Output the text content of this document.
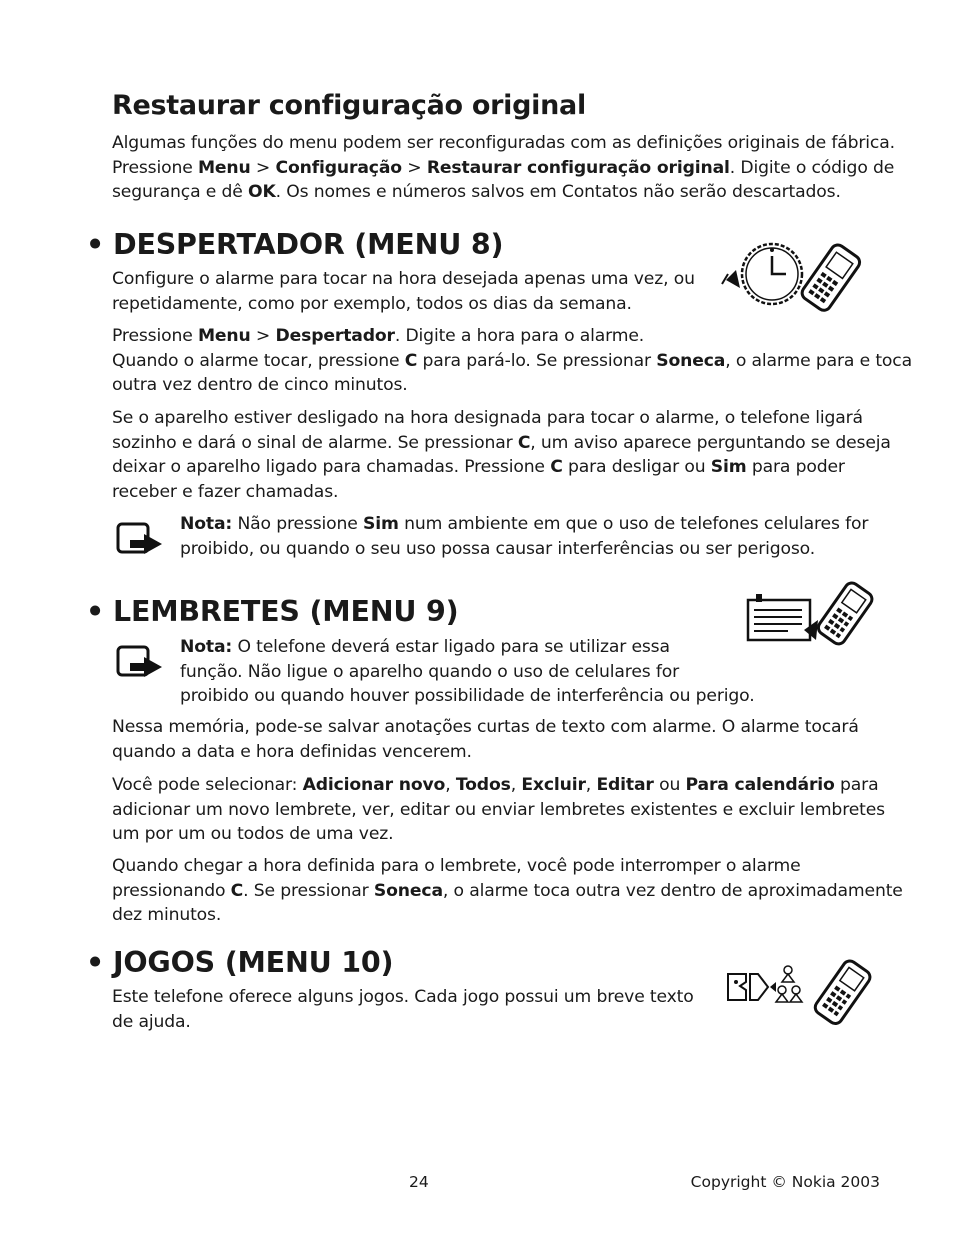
Restaurar configuração original

Algumas funções do menu podem ser reconfiguradas com as definições originais de fábrica.
Pressione Menu > Configuração > Restaurar configuração original. Digite o código de
segurança e dê OK. Os nomes e números salvos em Contatos não serão descartados.

• DESPERTADOR (MENU 8)

Configure o alarme para tocar na hora desejada apenas uma vez, ou
repetidamente, como por exemplo, todos os dias da semana.

Pressione Menu > Despertador. Digite a hora para o alarme.
Quando o alarme tocar, pressione C para pará-lo. Se pressionar Soneca, o alarme para e toca
outra vez dentro de cinco minutos.

Se o aparelho estiver desligado na hora designada para tocar o alarme, o telefone ligará
sozinho e dará o sinal de alarme. Se pressionar C, um aviso aparece perguntando se deseja
deixar o aparelho ligado para chamadas. Pressione C para desligar ou Sim para poder
receber e fazer chamadas.

Nota: Não pressione Sim num ambiente em que o uso de telefones celulares for
proibido, ou quando o seu uso possa causar interferências ou ser perigoso.

• LEMBRETES (MENU 9)

Nota: O telefone deverá estar ligado para se utilizar essa
função. Não ligue o aparelho quando o uso de celulares for
proibido ou quando houver possibilidade de interferência ou perigo.

Nessa memória, pode-se salvar anotações curtas de texto com alarme. O alarme tocará
quando a data e hora definidas vencerem.

Você pode selecionar: Adicionar novo, Todos, Excluir, Editar ou Para calendário para
adicionar um novo lembrete, ver, editar ou enviar lembretes existentes e excluir lembretes
um por um ou todos de uma vez.

Quando chegar a hora definida para o lembrete, você pode interromper o alarme
pressionando C. Se pressionar Soneca, o alarme toca outra vez dentro de aproximadamente
dez minutos.

• JOGOS (MENU 10)

Este telefone oferece alguns jogos. Cada jogo possui um breve texto
de ajuda.

24	Copyright © Nokia 2003
